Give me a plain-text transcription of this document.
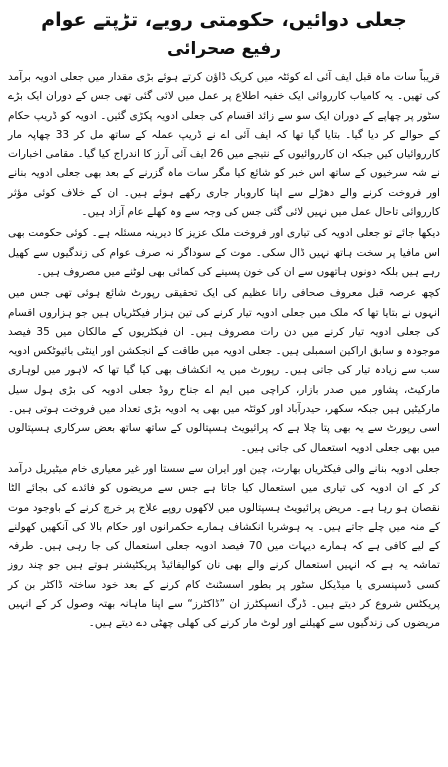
جعلی دوائیں، حکومتی رویے، تڑپتے عوام
رفیع صحرائی

قریباً سات ماہ قبل ایف آئی اے کوئٹہ میں کریک ڈاؤن کرتے ہوئے بڑی مقدار میں جعلی ادویہ برآمد کی تھیں۔ یہ کامیاب کارروائی ایک خفیہ اطلاع پر عمل میں لائی گئی تھی جس کے دوران ایک بڑے سٹور پر چھاپے کے دوران ایک سو سے زائد اقسام کی جعلی ادویہ پکڑی گئیں۔ ادویہ کو ڈریپ حکام کے حوالے کر دیا گیا۔ بتایا گیا تھا کہ ایف آئی اے نے ڈریپ عملہ کے ساتھ مل کر 33 چھاپہ مار کارروائیاں کیں جبکہ ان کارروائیوں کے نتیجے میں 26 ایف آئی آرز کا اندراج کیا گیا۔ مقامی اخبارات نے شہ سرخیوں کے ساتھ اس خبر کو شائع کیا مگر سات ماہ گزرنے کے بعد بھی جعلی ادویہ بنانے اور فروخت کرنے والے دھڑلے سے اپنا کاروبار جاری رکھے ہوئے ہیں۔ ان کے خلاف کوئی مؤثر کارروائی تاحال عمل میں نہیں لائی گئی جس کی وجہ سے وہ کھلے عام آزاد ہیں۔

دیکھا جائے تو جعلی ادویہ کی تیاری اور فروخت ملک عزیز کا دیرینہ مسئلہ ہے۔ کوئی حکومت بھی اس مافیا پر سخت ہاتھ نہیں ڈال سکی۔ موت کے سوداگر نہ صرف عوام کی زندگیوں سے کھیل رہے ہیں بلکہ دونوں ہاتھوں سے ان کی خون پسینے کی کمائی بھی لوٹنے میں مصروف ہیں۔

کچھ عرصہ قبل معروف صحافی رانا عظیم کی ایک تحقیقی رپورٹ شائع ہوئی تھی جس میں انہوں نے بتایا تھا کہ ملک میں جعلی ادویہ تیار کرنے کی تین ہزار فیکٹریاں ہیں جو ہزاروں اقسام کی جعلی ادویہ تیار کرنے میں دن رات مصروف ہیں۔ ان فیکٹریوں کے مالکان میں 35 فیصد موجودہ و سابق اراکین اسمبلی ہیں۔ جعلی ادویہ میں طاقت کے انجکشن اور اینٹی بائیوٹکس ادویہ سب سے زیادہ تیار کی جاتی ہیں۔ رپورٹ میں یہ انکشاف بھی کیا گیا تھا کہ لاہور میں لوہاری مارکیٹ، پشاور میں صدر بازار، کراچی میں ایم اے جناح روڈ جعلی ادویہ کی بڑی ہول سیل مارکیٹیں ہیں جبکہ سکھر، حیدرآباد اور کوئٹہ میں بھی یہ ادویہ بڑی تعداد میں فروخت ہوتی ہیں۔ اسی رپورٹ سے یہ بھی پتا چلا ہے کہ پرائیویٹ ہسپتالوں کے ساتھ ساتھ بعض سرکاری ہسپتالوں میں بھی جعلی ادویہ استعمال کی جاتی ہیں۔

جعلی ادویہ بنانے والی فیکٹریاں بھارت، چین اور ایران سے سستا اور غیر معیاری خام میٹیریل درآمد کر کے ان ادویہ کی تیاری میں استعمال کیا جاتا ہے جس سے مریضوں کو فائدے کی بجائے الٹا نقصان ہو رہا ہے۔ مریض پرائیویٹ ہسپتالوں میں لاکھوں روپے علاج پر خرچ کرنے کے باوجود موت کے منہ میں چلے جاتے ہیں۔ یہ ہوشربا انکشاف ہمارے حکمرانوں اور حکام بالا کی آنکھیں کھولنے کے لیے کافی ہے کہ ہمارے دیہات میں 70 فیصد ادویہ جعلی استعمال کی جا رہی ہیں۔ طرفہ تماشہ یہ ہے کہ انہیں استعمال کرنے والے بھی نان کوالیفائیڈ پریکٹیشنر ہوتے ہیں جو چند روز کسی ڈسپنسری یا میڈیکل سٹور پر بطور اسسٹنٹ کام کرنے کے بعد خود ساختہ ڈاکٹر بن کر پریکٹس شروع کر دیتے ہیں۔ ڈرگ انسپکٹرز ان ”ڈاکٹرز“ سے اپنا ماہانہ بھتہ وصول کر کے انہیں مریضوں کی زندگیوں سے کھیلنے اور لوٹ مار کرنے کی کھلی چھٹی دے دیتے ہیں۔
